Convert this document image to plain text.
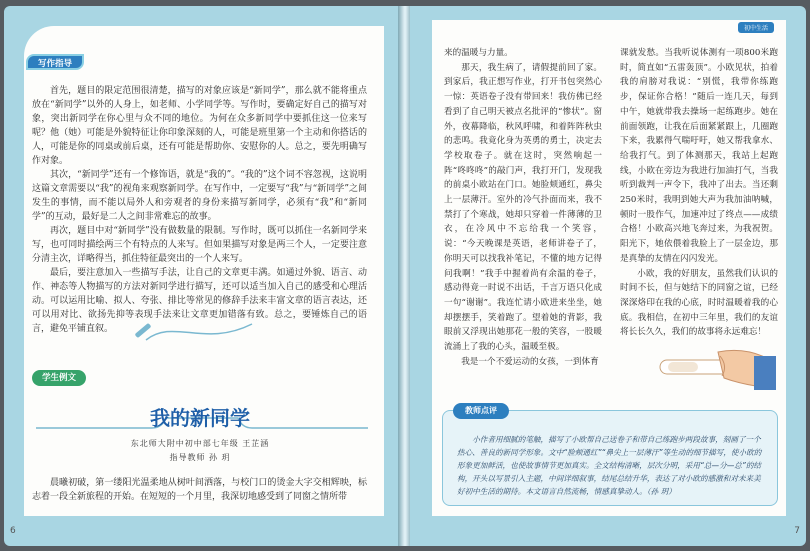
写作指导

首先，题目的限定范围很清楚，描写的对象应该是“新同学”，那么就不能将重点放在“新同学”以外的人身上，如老师、小学同学等。写作时，要确定好自己的描写对象，突出新同学在你心里与众不同的地位。为何在众多新同学中要抓住这一位来写呢？他（她）可能是外貌特征让你印象深刻的人，可能是班里第一个主动和你搭话的人，可能是你的同桌或前后桌，还有可能是帮助你、安慰你的人。总之，要先明确写作对象。

其次，“新同学”还有一个修饰语，就是“我的”。“我的”这个词不容忽视，这说明这篇文章需要以“我”的视角来观察新同学。在写作中，一定要写“我”与“新同学”之间发生的事情，而不能以局外人和旁观者的身份来描写新同学，必须有“我”和“新同学”的互动，最好是二人之间非常难忘的故事。

再次，题目中对“新同学”没有做数量的限制。写作时，既可以抓住一名新同学来写，也可同时描绘两三个有特点的人来写。但如果描写对象是两三个人，一定要注意分清主次，详略得当，抓住特征最突出的一个人来写。

最后，要注意加入一些描写手法，让自己的文章更丰满。如通过外貌、语言、动作、神态等人物描写的方法对新同学进行描写，还可以适当加入自己的感受和心理活动。可以运用比喻、拟人、夸张、排比等常见的修辞手法来丰富文章的语言表达，还可以用对比、欲扬先抑等表现手法来让文章更加错落有致。总之，要锤炼自己的语言，避免平铺直叙。

学生例文
我的新同学
东北师大附中初中部七年级 王芷涵
指导教师 孙 玥

晨曦初破，第一缕阳光温柔地从树叶间洒落，与校门口的烫金大字交相辉映，标志着一段全新旅程的开始。在短短的一个月里，我深切地感受到了同窗之情所带

6
初中生活

来的温暖与力量。

那天，我生病了，请假提前回了家。到家后，我正想写作业，打开书包突然心一惊：英语卷子没有带回来！我仿佛已经看到了自己明天被点名批评的“惨状”。窗外，夜幕降临，秋风呼啸，和着阵阵秋虫的悲鸣。我竟化身为英勇的勇士，决定去学校取卷子。就在这时，突然响起一阵“咚咚咚”的敲门声，我打开门，发现我的前桌小欧站在门口。她脸颊通红，鼻尖上一层薄汗。室外的冷气扑面而来，我不禁打了个寒战，她却只穿着一件薄薄的卫衣，在冷风中不忘给我一个笑容，说：“今天晚课是英语，老师讲卷子了，你明天可以找我补笔记，不懂的地方记得问我啊！”我手中握着尚有余温的卷子，感动得竟一时说不出话，千言万语只化成一句“谢谢”。我连忙请小欧进来坐坐，她却摆摆手，笑着跑了。望着她的背影，我眼前又浮现出她那花一般的笑容，一股暖流涌上了我的心头，温暖至极。

我是一个不爱运动的女孩，一到体育

课就发愁。当我听说体测有一项800米跑时，简直如“五雷轰顶”。小欧见状，拍着我的肩膀对我说：“别慌，我带你练跑步，保证你合格！”随后一连几天，每到中午，她就带我去操场一起练跑步。她在前面领跑，让我在后面紧紧跟上，几圈跑下来，我累得气喘吁吁，她又帮我拿水、给我打气。到了体测那天，我站上起跑线，小欧在旁边为我进行加油打气，当我听到裁判一声令下，我冲了出去。当还剩250米时，我明到她大声为我加油呐喊，顿时一股作气，加速冲过了终点——成绩合格！小欧高兴地飞奔过来，为我祝贺。阳光下，她依偎着我脸上了一层金边，那是真挚的友情在闪闪发光。

小欧，我的好朋友，虽然我们认识的时间不长，但与她结下的同窗之谊，已经深深烙印在我的心底，时时温暖着我的心底。我相信，在初中三年里，我们的友谊将长长久久，我们的故事将永远难忘！

教师点评

小作者用细腻的笔触，描写了小欧帮自己送卷子和带自己练跑步两段故事，刻画了一个热心、善良的新同学形象。文中“脸颊通红”“鼻尖上一层薄汗”等生动的细节描写，使小欧的形象更加鲜活，也使故事情节更加真实。全文结构清晰，层次分明，采用“总—分—总”的结构，开头以写景引入主题，中间详细叙事，结尾总结升华，表达了对小欧的感激和对未来美好初中生活的期待。本文语言自然流畅，情感真挚动人。（孙 玥）

7
